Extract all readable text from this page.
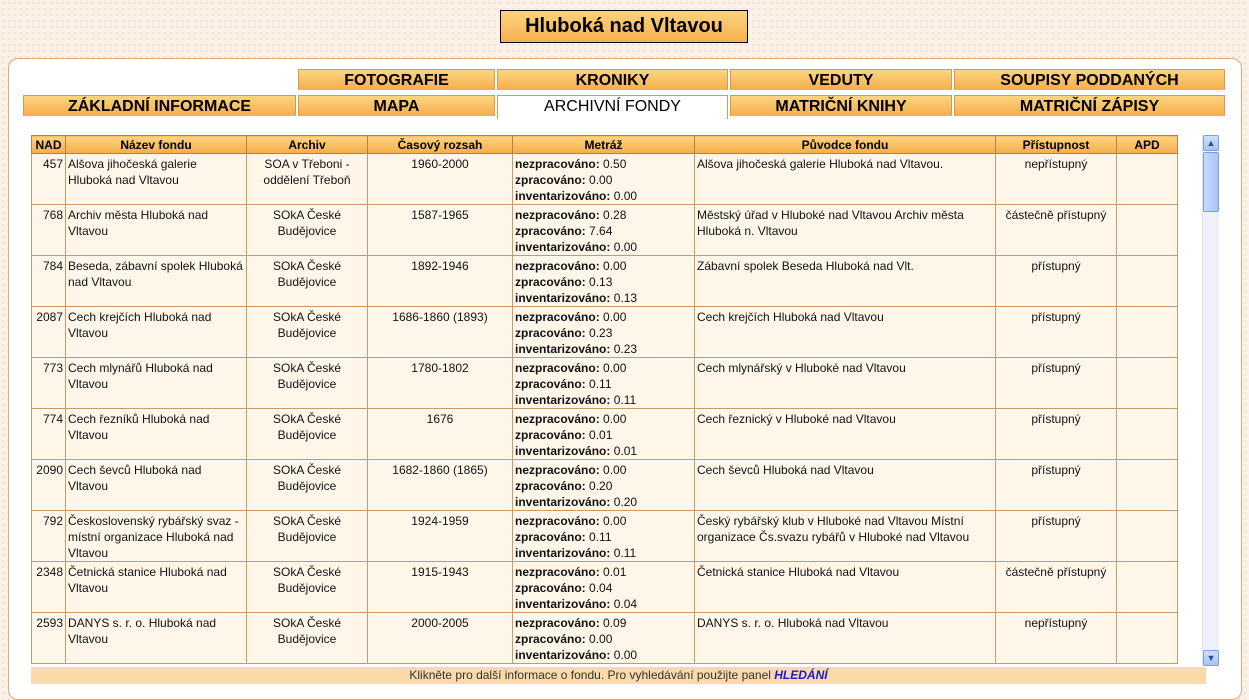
Hluboká nad Vltavou
FOTOGRAFIE	KRONIKY	VEDUTY	SOUPISY PODDANÝCH
ZÁKLADNÍ INFORMACE	MAPA	ARCHIVNÍ FONDY	MATRIČNÍ KNIHY	MATRIČNÍ ZÁPISY
NAD	Název fondu	Archiv	Časový rozsah	Metráž	Původce fondu	Přístupnost	APD
457	Alšova jihočeská galerie Hluboká nad Vltavou	SOA v Třeboni - oddělení Třeboň	1960-2000	nezpracováno: 0.50
zpracováno: 0.00
inventarizováno: 0.00	Alšova jihočeská galerie Hluboká nad Vltavou.	nepřístupný	
768	Archiv města Hluboká nad Vltavou	SOkA České Budějovice	1587-1965	nezpracováno: 0.28
zpracováno: 7.64
inventarizováno: 0.00	Městský úřad v Hluboké nad Vltavou Archiv města Hluboká n. Vltavou	částečně přístupný	
784	Beseda, zábavní spolek Hluboká nad Vltavou	SOkA České Budějovice	1892-1946	nezpracováno: 0.00
zpracováno: 0.13
inventarizováno: 0.13	Zábavní spolek Beseda Hluboká nad Vlt.	přístupný	
2087	Cech krejčích Hluboká nad Vltavou	SOkA České Budějovice	1686-1860 (1893)	nezpracováno: 0.00
zpracováno: 0.23
inventarizováno: 0.23	Cech krejčích Hluboká nad Vltavou	přístupný	
773	Cech mlynářů Hluboká nad Vltavou	SOkA České Budějovice	1780-1802	nezpracováno: 0.00
zpracováno: 0.11
inventarizováno: 0.11	Cech mlynářský v Hluboké nad Vltavou	přístupný	
774	Cech řezníků Hluboká nad Vltavou	SOkA České Budějovice	1676	nezpracováno: 0.00
zpracováno: 0.01
inventarizováno: 0.01	Cech řeznický v Hluboké nad Vltavou	přístupný	
2090	Cech ševců Hluboká nad Vltavou	SOkA České Budějovice	1682-1860 (1865)	nezpracováno: 0.00
zpracováno: 0.20
inventarizováno: 0.20	Cech ševců Hluboká nad Vltavou	přístupný	
792	Československý rybářský svaz - místní organizace Hluboká nad Vltavou	SOkA České Budějovice	1924-1959	nezpracováno: 0.00
zpracováno: 0.11
inventarizováno: 0.11	Český rybářský klub v Hluboké nad Vltavou Místní organizace Čs.svazu rybářů v Hluboké nad Vltavou	přístupný	
2348	Četnická stanice Hluboká nad Vltavou	SOkA České Budějovice	1915-1943	nezpracováno: 0.01
zpracováno: 0.04
inventarizováno: 0.04	Četnická stanice Hluboká nad Vltavou	částečně přístupný	
2593	DANYS s. r. o. Hluboká nad Vltavou	SOkA České Budějovice	2000-2005	nezpracováno: 0.09
zpracováno: 0.00
inventarizováno: 0.00	DANYS s. r. o. Hluboká nad Vltavou	nepřístupný	
▲
▼
Klikněte pro další informace o fondu. Pro vyhledávání použijte panel HLEDÁNÍ
